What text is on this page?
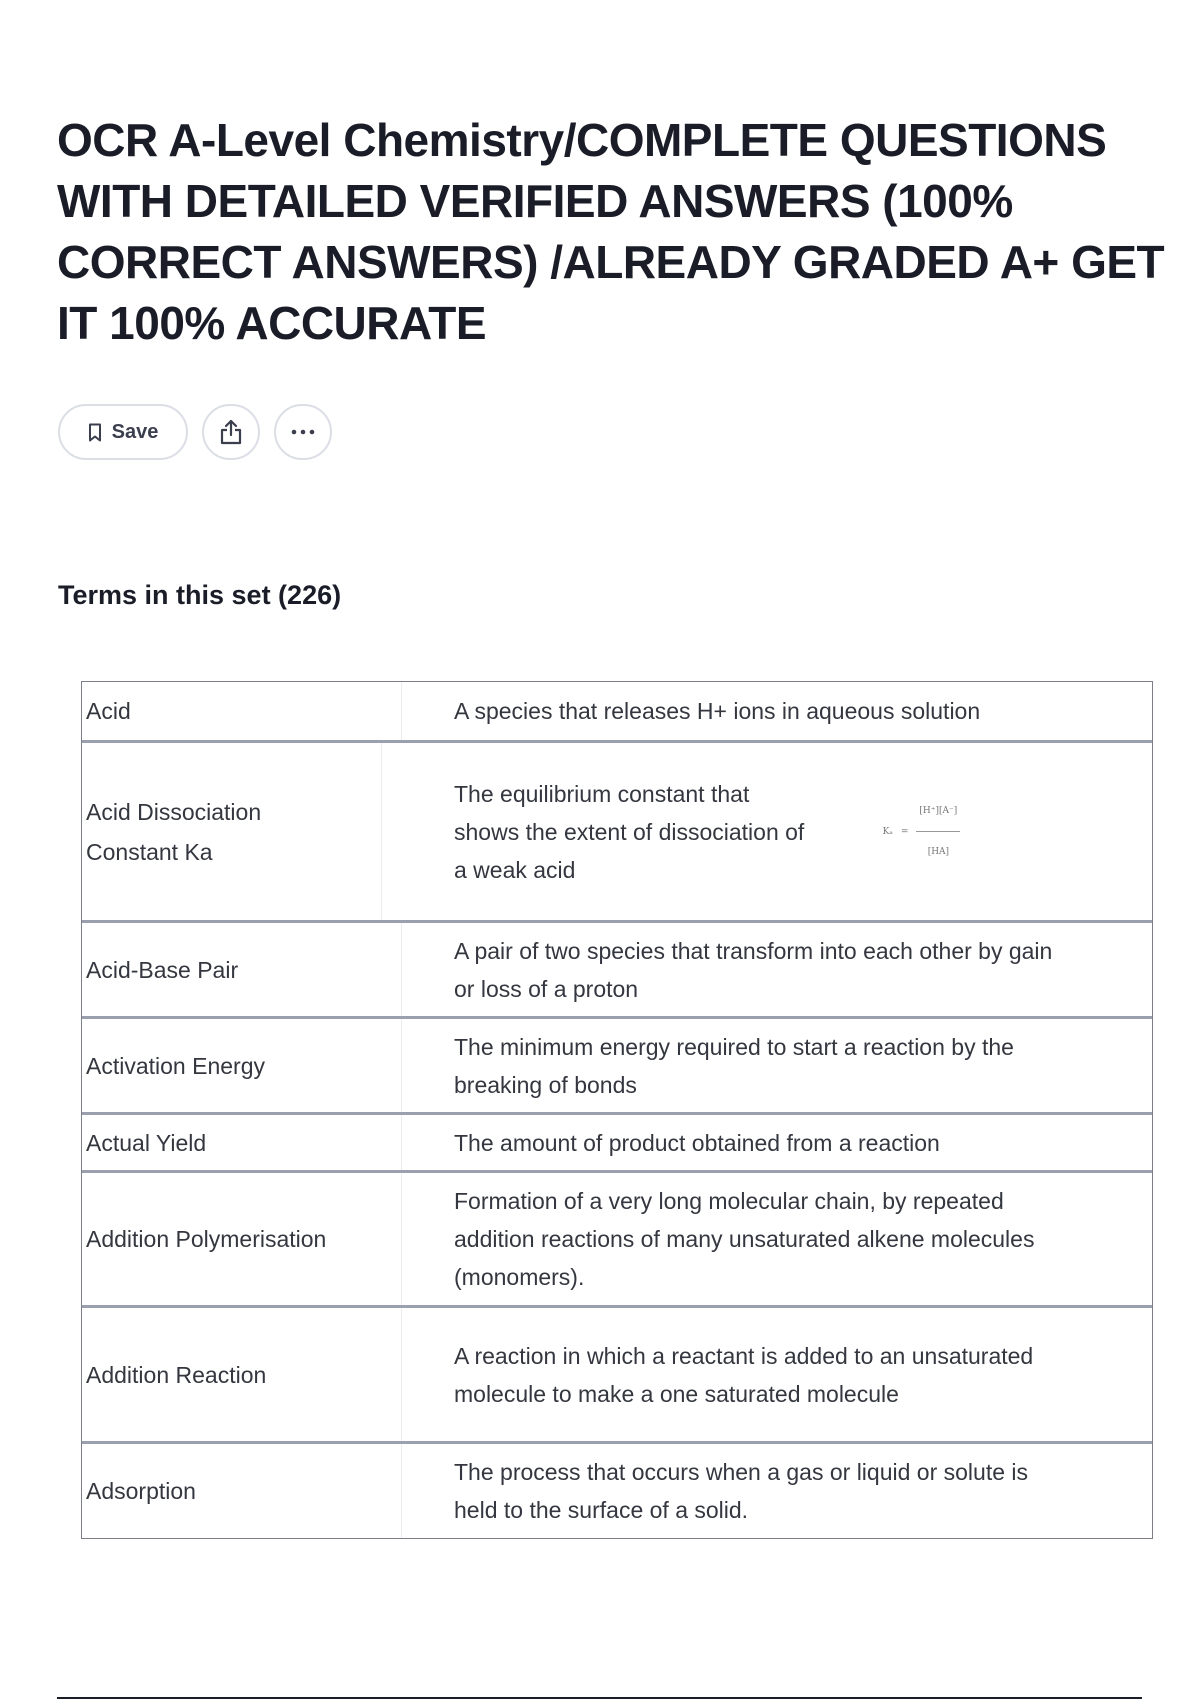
OCR A-Level Chemistry/COMPLETE QUESTIONS WITH DETAILED VERIFIED ANSWERS (100% CORRECT ANSWERS) /ALREADY GRADED A+ GET IT 100% ACCURATE
Save
Terms in this set (226)
Acid	A species that releases H+ ions in aqueous solution
Acid Dissociation Constant Ka
The equilibrium constant that shows the extent of dissociation of a weak acid
$K_a = \frac{[H^+][A^-]}{[HA]}$
Acid-Base Pair
A pair of two species that transform into each other by gain or loss of a proton
Activation Energy
The minimum energy required to start a reaction by the breaking of bonds
Actual Yield	The amount of product obtained from a reaction
Addition Polymerisation
Formation of a very long molecular chain, by repeated addition reactions of many unsaturated alkene molecules (monomers).
Addition Reaction
A reaction in which a reactant is added to an unsaturated molecule to make a one saturated molecule
Adsorption
The process that occurs when a gas or liquid or solute is held to the surface of a solid.
